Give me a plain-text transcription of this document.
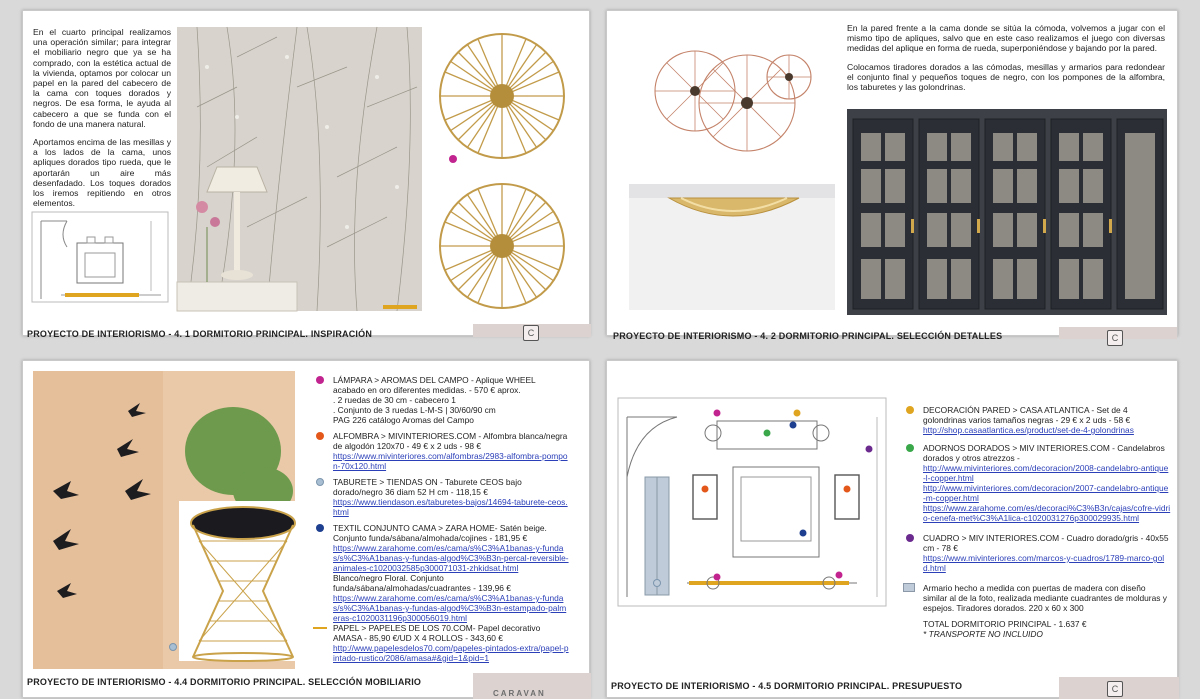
En el cuarto principal realizamos una operación similar; para integrar el mobiliario negro que ya se ha comprado, con la estética actual de la vivienda, optamos por colocar un papel en la pared del cabecero de la cama con toques dorados y negros. De esa forma, le ayuda al cabecero a que se funda con el fondo de una manera natural.

Aportamos encima de las mesillas y a los lados de la cama, unos apliques dorados tipo rueda, que le aportarán un aire más desenfadado. Los toques dorados los iremos repitiendo en otros elementos.

PROYECTO DE INTERIORISMO - 4. 1 DORMITORIO PRINCIPAL. INSPIRACIÓN	C

En la pared frente a la cama donde se sitúa la cómoda, volvemos a jugar con el mismo tipo de apliques, salvo que en este caso realizamos el juego con diversas medidas del aplique en forma de rueda, superponiéndose y bajando por la pared.

Colocamos tiradores dorados a las cómodas, mesillas y armarios para redondear el conjunto final y pequeños toques de negro, con los pompones de la alfombra, los taburetes y las golondrinas.

PROYECTO DE INTERIORISMO - 4. 2 DORMITORIO PRINCIPAL. SELECCIÓN DETALLES	C
LÁMPARA > AROMAS DEL CAMPO - Aplique WHEEL acabado en oro diferentes medidas. - 570 € aprox.
. 2 ruedas de 30 cm - cabecero 1
. Conjunto de 3 ruedas L-M-S | 30/60/90 cm
PAG 226 catálogo Aromas del Campo
ALFOMBRA > MIVINTERIORES.COM - Alfombra blanca/negra de algodón 120x70 - 49 € x 2 uds - 98 €
https://www.mivinteriores.com/alfombras/2983-alfombra-pompon-70x120.html
TABURETE > TIENDAS ON - Taburete CEOS bajo dorado/negro 36 diam 52 H cm - 118,15 €
https://www.tiendason.es/taburetes-bajos/14694-taburete-ceos.html
TEXTIL CONJUNTO CAMA > ZARA HOME- Satén beige. Conjunto funda/sábana/almohada/cojines - 181,95 €
https://www.zarahome.com/es/cama/s%C3%A1banas-y-fundas/s%C3%A1banas-y-fundas-algod%C3%B3n-percal-reversible-animales-c1020032585p300071031-zhkidsat.html
Blanco/negro Floral. Conjunto funda/sábana/almohadas/cuadrantes - 139,96 €
https://www.zarahome.com/es/cama/s%C3%A1banas-y-fundas/s%C3%A1banas-y-fundas-algod%C3%B3n-estampado-palmeras-c1020031196p300056019.html
PAPEL > PAPELES DE LOS 70.COM- Papel decorativo AMASA - 85,90 €/UD X 4 ROLLOS - 343,60 €
http://www.papelesdelos70.com/papeles-pintados-extra/papel-pintado-rustico/2086/amasa#&gid=1&pid=1
PROYECTO DE INTERIORISMO - 4.4 DORMITORIO PRINCIPAL. SELECCIÓN MOBILIARIO
CARAVAN
DECORACIÓN PARED > CASA ATLANTICA - Set de 4 golondrinas varios tamaños negras - 29 € x 2 uds - 58 €
http://shop.casaatlantica.es/product/set-de-4-golondrinas
ADORNOS DORADOS > MIV INTERIORES.COM - Candelabros dorados y otros atrezzos -
http://www.mivinteriores.com/decoracion/2008-candelabro-antique-l-copper.html
http://www.mivinteriores.com/decoracion/2007-candelabro-antique-m-copper.html
https://www.zarahome.com/es/decoraci%C3%B3n/cajas/cofre-vidrio-cenefa-met%C3%A1lica-c1020031276p300029935.html
CUADRO > MIV INTERIORES.COM - Cuadro dorado/gris - 40x55 cm - 78 €
https://www.mivinteriores.com/marcos-y-cuadros/1789-marco-gold.html
Armario hecho a medida con puertas de madera con diseño similar al de la foto, realizada mediante cuadrantes de molduras y espejos. Tiradores dorados. 220 x 60 x 300
TOTAL DORMITORIO PRINCIPAL - 1.637 €
* TRANSPORTE NO INCLUIDO
PROYECTO DE INTERIORISMO - 4.5 DORMITORIO PRINCIPAL. PRESUPUESTO	C
